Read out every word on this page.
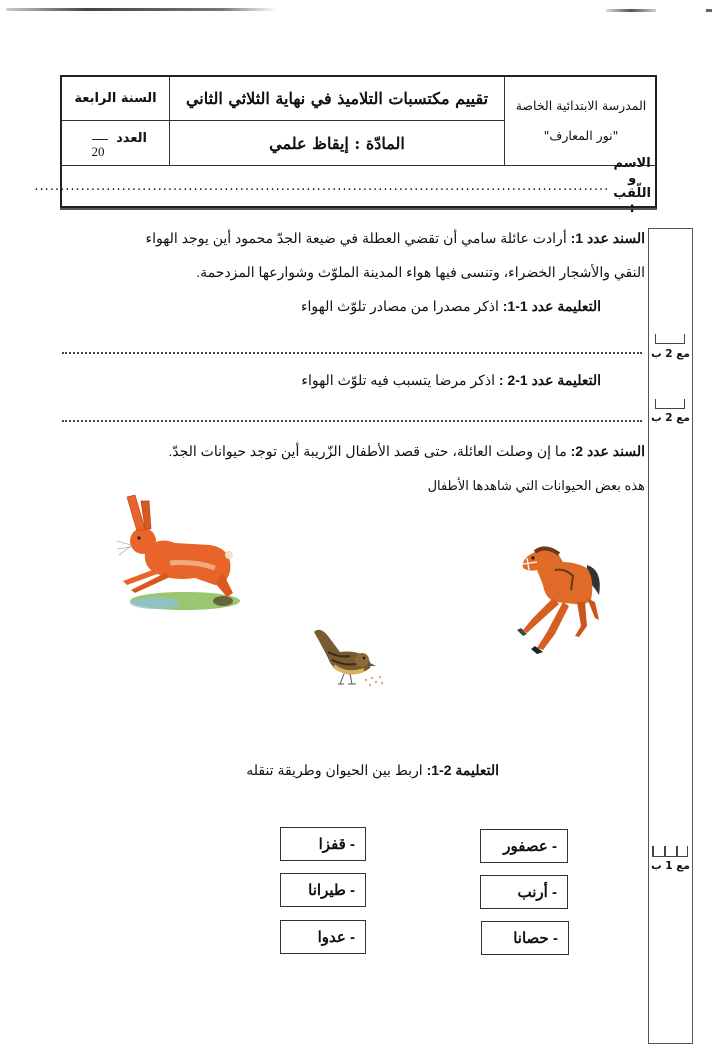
المدرسة الابتدائية الخاصة
"نور المعارف"
تقييم مكتسبات التلاميذ في نهاية الثلاثي الثاني
السنة الرابعة
المادّة : إيقاظ علمي
العدد
20
الاسم و اللّقب :
................................................................................................................
مع 2 ب
مع 2 ب
مع 1 ب
السند عدد 1: أرادت عائلة سامي أن تقضي العطلة في ضيعة الجدّ محمود أين يوجد الهواء
النقي والأشجار الخضراء، وتنسى فيها هواء المدينة الملوّث وشوارعها المزدحمة.
التعليمة عدد 1-1: اذكر مصدرا من مصادر تلوّث الهواء
التعليمة عدد 1-2 : اذكر مرضا يتسبب فيه تلوّث الهواء
السند عدد 2: ما إن وصلت العائلة، حتى قصد الأطفال الزّريبة أين توجد حيوانات الجدّ.
هذه بعض الحيوانات التي شاهدها الأطفال
التعليمة 2-1: اربط بين الحيوان وطريقة تنقله
- عصفور
- أرنب
- حصانا
- قفزا
- طيرانا
- عدوا
